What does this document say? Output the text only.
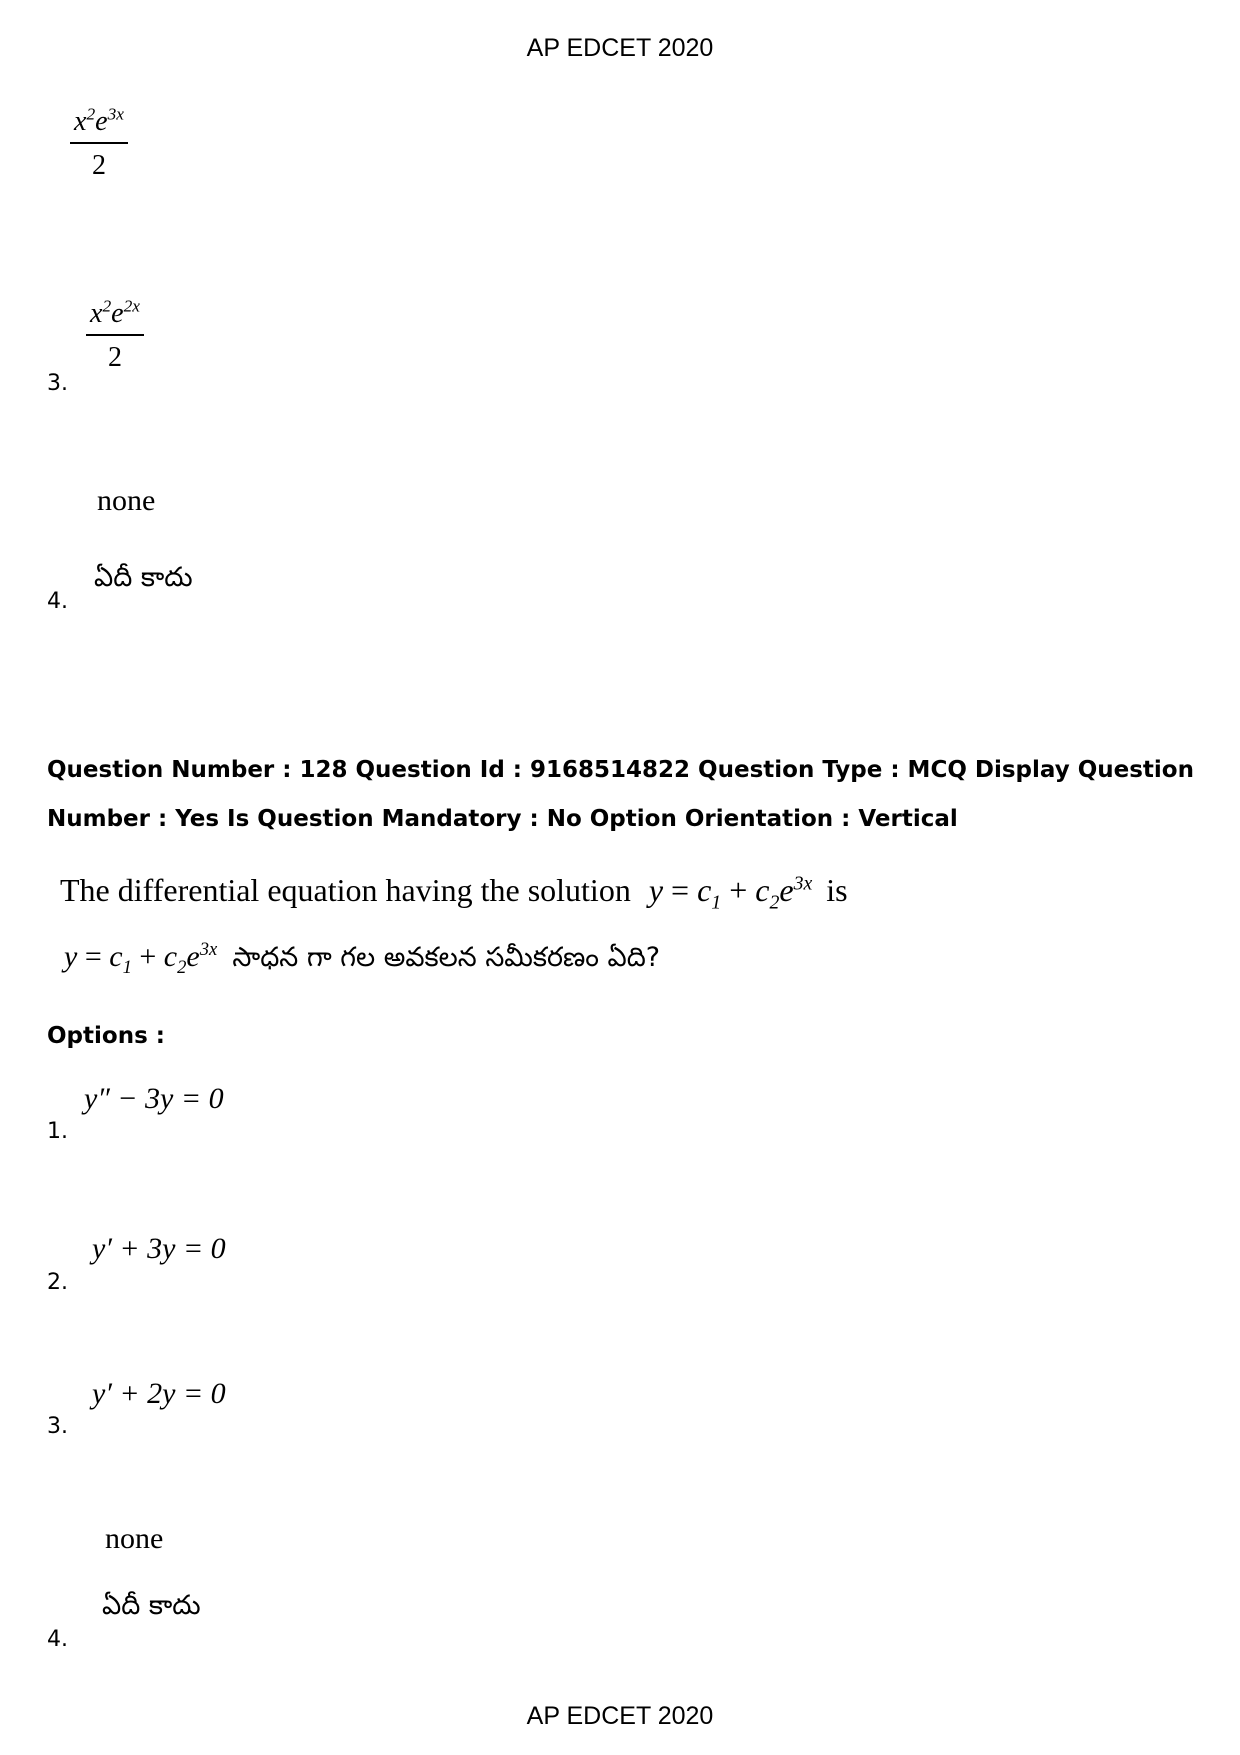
AP EDCET 2020
$x^2e^{3x}$
2
$x^2e^{2x}$
2
3.
none
ఏదీ కాదు
4.
Question Number : 128 Question Id : 9168514822 Question Type : MCQ Display Question
Number : Yes Is Question Mandatory : No Option Orientation : Vertical
The differential equation having the solution $y = c_1 + c_2e^{3x}$ is
$y = c_1 + c_2e^{3x}$ సాధన గా గల అవకలన సమీకరణం ఏది?
Options :
y″ − 3y = 0
1.
y′ + 3y = 0
2.
y′ + 2y = 0
3.
none
ఏదీ కాదు
4.
AP EDCET 2020
